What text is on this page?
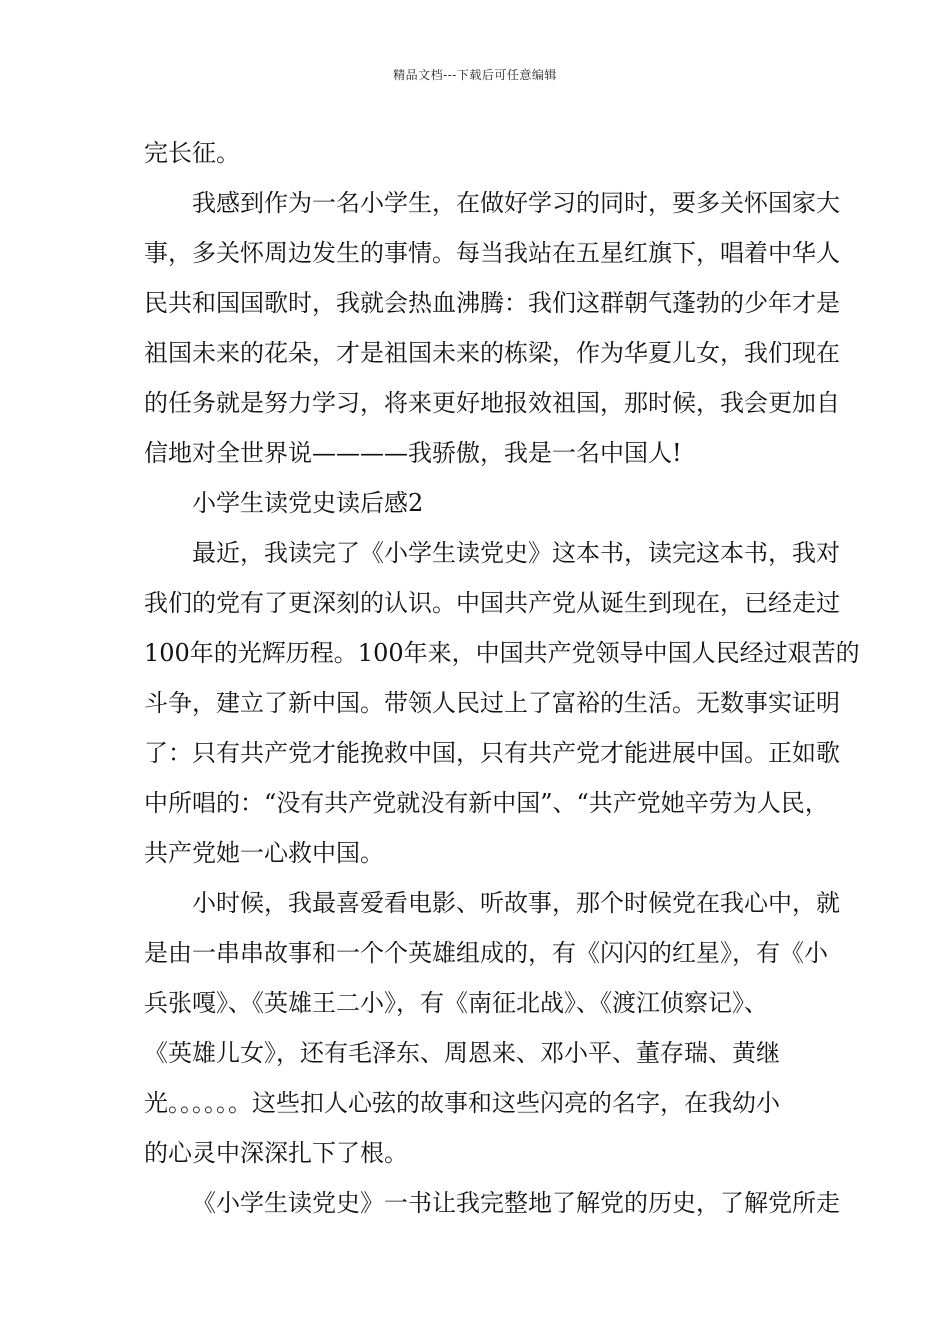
精品文档---下载后可任意编辑
完长征。
我感到作为一名小学生，在做好学习的同时，要多关怀国家大
事，多关怀周边发生的事情。每当我站在五星红旗下，唱着中华人
民共和国国歌时，我就会热血沸腾：我们这群朝气蓬勃的少年才是
祖国未来的花朵，才是祖国未来的栋梁，作为华夏儿女，我们现在
的任务就是努力学习，将来更好地报效祖国，那时候，我会更加自
信地对全世界说————我骄傲，我是一名中国人!
小学生读党史读后感2
最近，我读完了《小学生读党史》这本书，读完这本书，我对
我们的党有了更深刻的认识。中国共产党从诞生到现在，已经走过
100年的光辉历程。100年来，中国共产党领导中国人民经过艰苦的
斗争，建立了新中国。带领人民过上了富裕的生活。无数事实证明
了：只有共产党才能挽救中国，只有共产党才能进展中国。正如歌
中所唱的：“没有共产党就没有新中国”、“共产党她辛劳为人民，
共产党她一心救中国。
小时候，我最喜爱看电影、听故事，那个时候党在我心中，就
是由一串串故事和一个个英雄组成的，有《闪闪的红星》，有《小
兵张嘎》、《英雄王二小》，有《南征北战》、《渡江侦察记》、
《英雄儿女》，还有毛泽东、周恩来、邓小平、董存瑞、黄继
光。。。。。。这些扣人心弦的故事和这些闪亮的名字，在我幼小
的心灵中深深扎下了根。
《小学生读党史》一书让我完整地了解党的历史，了解党所走
